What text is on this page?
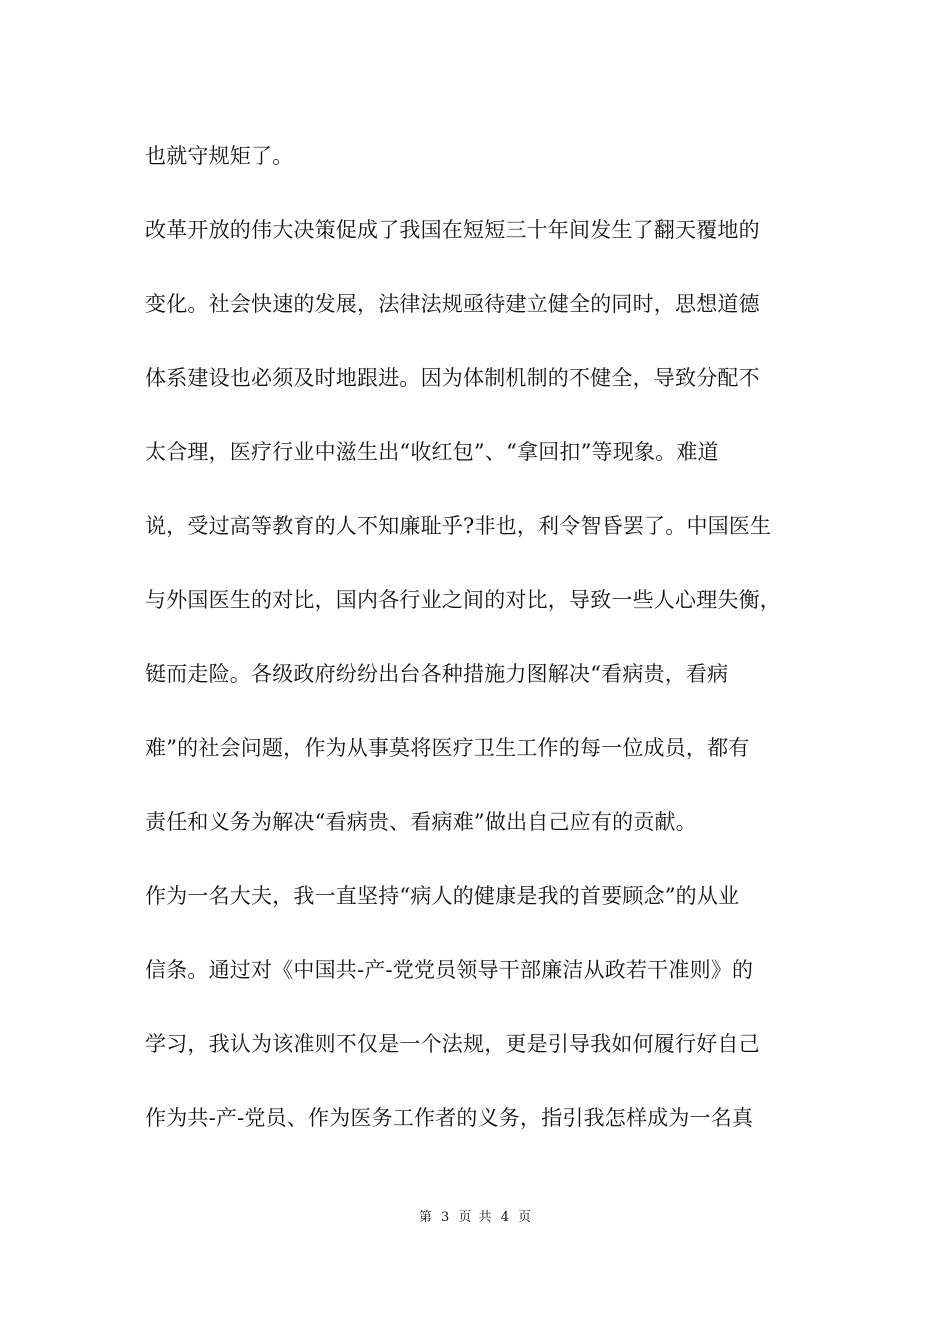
也就守规矩了。
改革开放的伟大决策促成了我国在短短三十年间发生了翻天覆地的
变化。社会快速的发展，法律法规亟待建立健全的同时，思想道德
体系建设也必须及时地跟进。因为体制机制的不健全，导致分配不
太合理，医疗行业中滋生出“收红包”、“拿回扣”等现象。难道
说，受过高等教育的人不知廉耻乎?非也，利令智昏罢了。中国医生
与外国医生的对比，国内各行业之间的对比，导致一些人心理失衡，
铤而走险。各级政府纷纷出台各种措施力图解决“看病贵，看病
难”的社会问题，作为从事莫将医疗卫生工作的每一位成员，都有
责任和义务为解决“看病贵、看病难”做出自己应有的贡献。
作为一名大夫，我一直坚持“病人的健康是我的首要顾念”的从业
信条。通过对《中国共-产-党党员领导干部廉洁从政若干准则》的
学习，我认为该准则不仅是一个法规，更是引导我如何履行好自己
作为共-产-党员、作为医务工作者的义务，指引我怎样成为一名真
第 3 页 共 4 页
